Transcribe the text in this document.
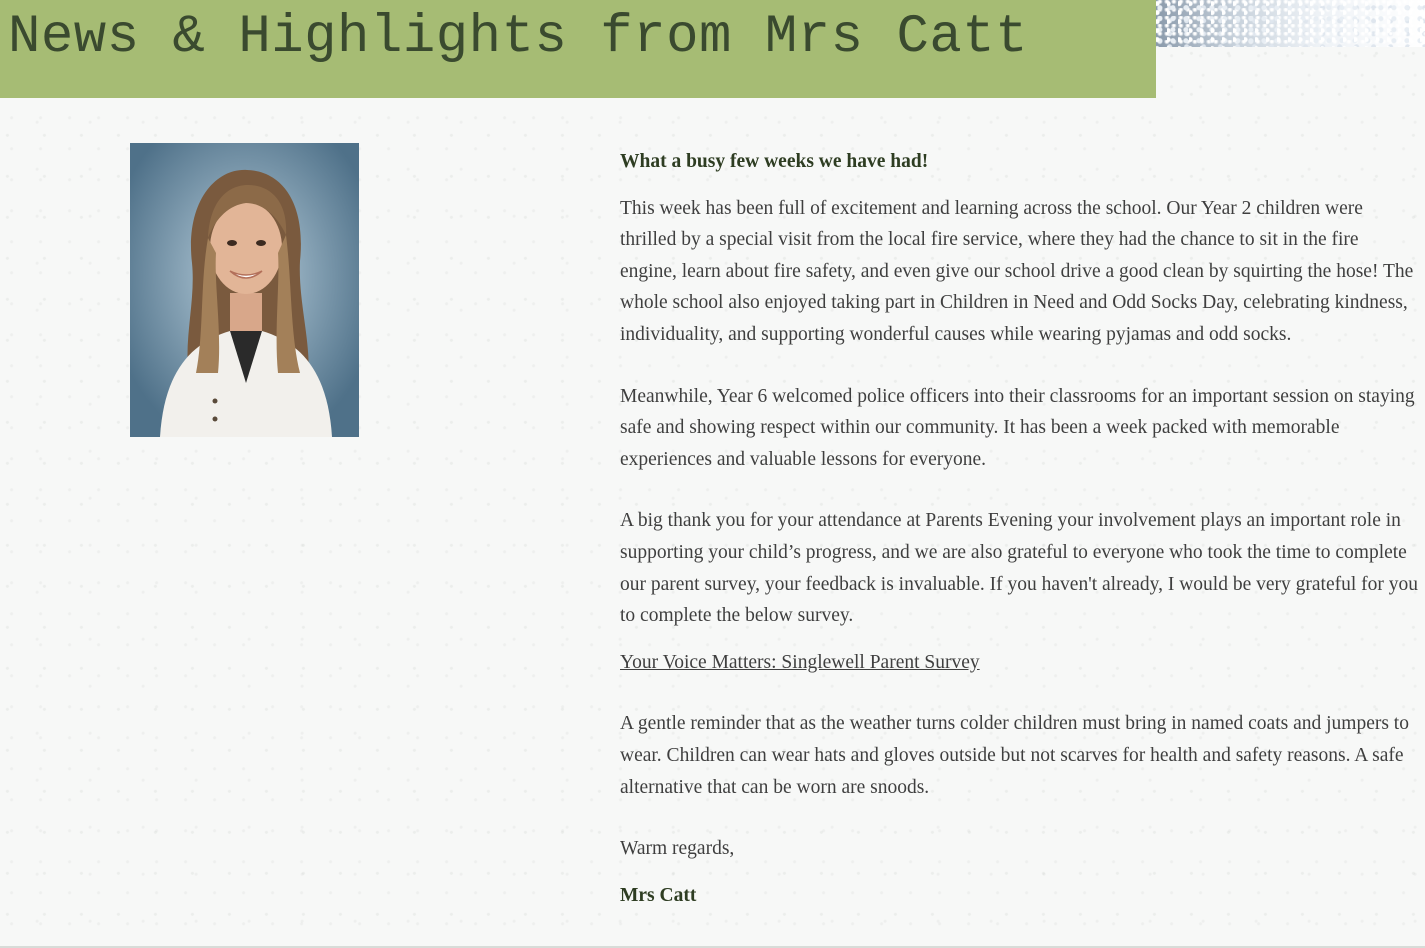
News & Highlights from Mrs Catt

What a busy few weeks we have had!

This week has been full of excitement and learning across the school. Our Year 2 children were thrilled by a special visit from the local fire service, where they had the chance to sit in the fire engine, learn about fire safety, and even give our school drive a good clean by squirting the hose! The whole school also enjoyed taking part in Children in Need and Odd Socks Day, celebrating kindness, individuality, and supporting wonderful causes while wearing pyjamas and odd socks.

Meanwhile, Year 6 welcomed police officers into their classrooms for an important session on staying safe and showing respect within our community. It has been a week packed with memorable experiences and valuable lessons for everyone.

A big thank you for your attendance at Parents Evening your involvement plays an important role in supporting your child’s progress, and we are also grateful to everyone who took the time to complete our parent survey, your feedback is invaluable. If you haven't already, I would be very grateful for you to complete the below survey.

Your Voice Matters: Singlewell Parent Survey

A gentle reminder that as the weather turns colder children must bring in named coats and jumpers to wear. Children can wear hats and gloves outside but not scarves for health and safety reasons. A safe alternative that can be worn are snoods.

Warm regards,

Mrs Catt
